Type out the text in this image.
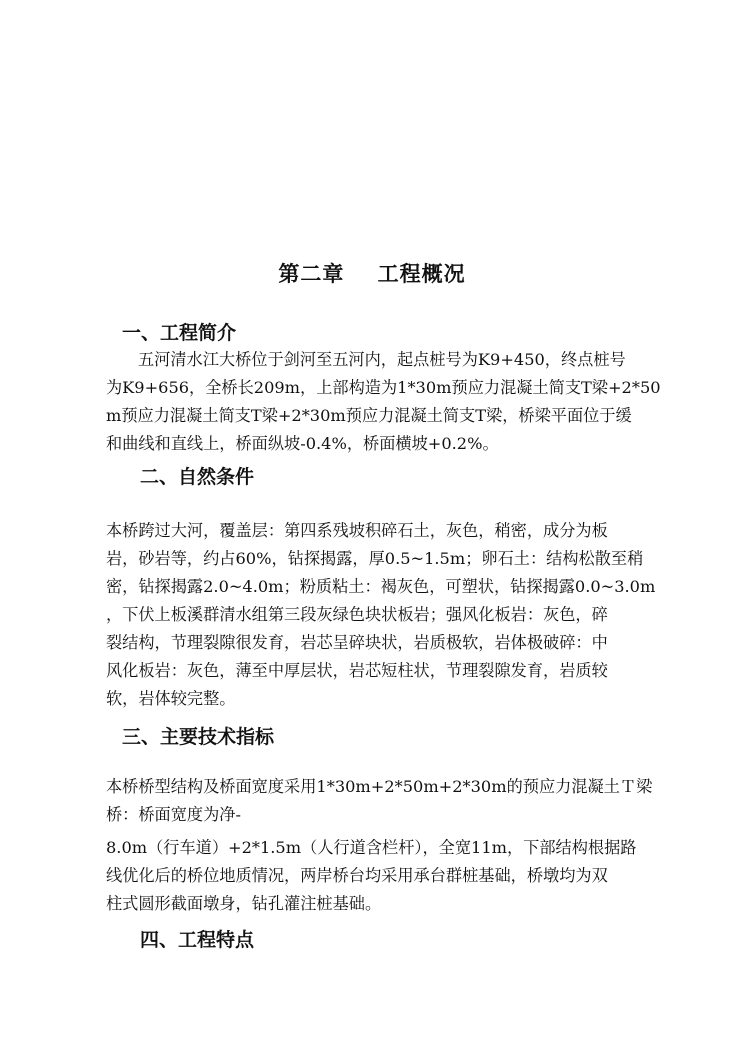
第二章    工程概况
一、工程简介
五河清水江大桥位于剑河至五河内，起点桩号为K9+450，终点桩号
为K9+656，全桥长209m，上部构造为1*30m预应力混凝土简支T梁+2*50
m预应力混凝土简支T梁+2*30m预应力混凝土简支T梁，桥梁平面位于缓
和曲线和直线上，桥面纵坡-0.4%，桥面横坡+0.2%。
二、自然条件
本桥跨过大河，覆盖层：第四系残坡积碎石土，灰色，稍密，成分为板
岩，砂岩等，约占60%，钻探揭露，厚0.5~1.5m；卵石土：结构松散至稍
密，钻探揭露2.0~4.0m；粉质粘土：褐灰色，可塑状，钻探揭露0.0~3.0m
，下伏上板溪群清水组第三段灰绿色块状板岩；强风化板岩：灰色，碎
裂结构，节理裂隙很发育，岩芯呈碎块状，岩质极软，岩体极破碎：中
风化板岩：灰色，薄至中厚层状，岩芯短柱状，节理裂隙发育，岩质较
软，岩体较完整。
三、主要技术指标
本桥桥型结构及桥面宽度采用1*30m+2*50m+2*30m的预应力混凝土Ｔ梁
桥：桥面宽度为净-
8.0m（行车道）+2*1.5m（人行道含栏杆），全宽11m，下部结构根据路
线优化后的桥位地质情况，两岸桥台均采用承台群桩基础，桥墩均为双
柱式圆形截面墩身，钻孔灌注桩基础。
四、工程特点
